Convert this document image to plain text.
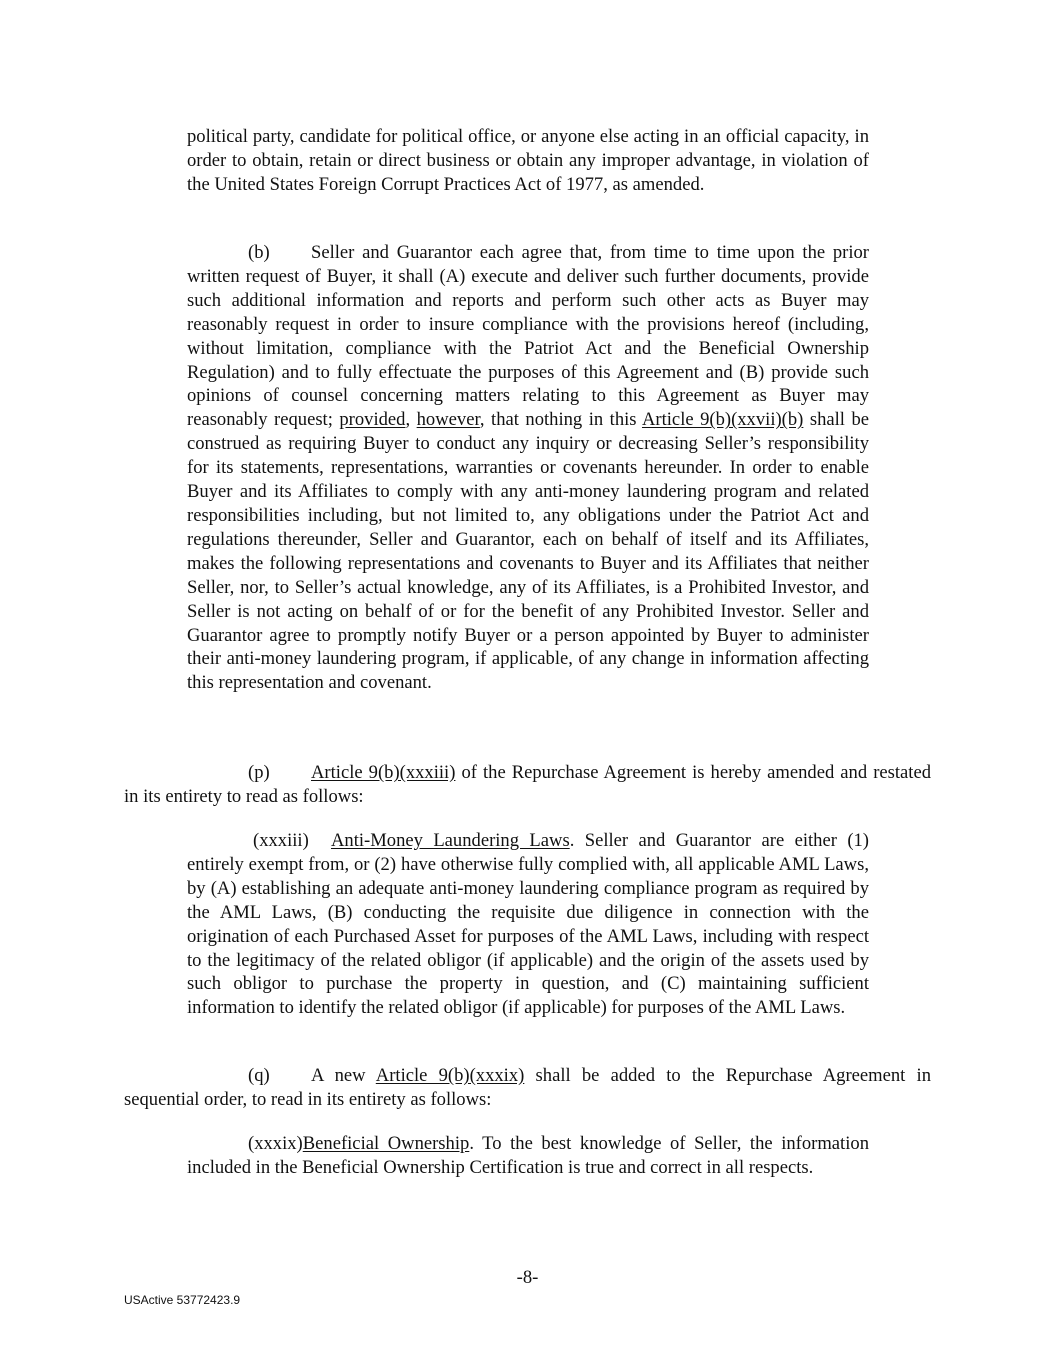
political party, candidate for political office, or anyone else acting in an official capacity, in order to obtain, retain or direct business or obtain any improper advantage, in violation of the United States Foreign Corrupt Practices Act of 1977, as amended.

(b) Seller and Guarantor each agree that, from time to time upon the prior written request of Buyer, it shall (A) execute and deliver such further documents, provide such additional information and reports and perform such other acts as Buyer may reasonably request in order to insure compliance with the provisions hereof (including, without limitation, compliance with the Patriot Act and the Beneficial Ownership Regulation) and to fully effectuate the purposes of this Agreement and (B) provide such opinions of counsel concerning matters relating to this Agreement as Buyer may reasonably request; provided, however, that nothing in this Article 9(b)(xxvii)(b) shall be construed as requiring Buyer to conduct any inquiry or decreasing Seller’s responsibility for its statements, representations, warranties or covenants hereunder. In order to enable Buyer and its Affiliates to comply with any anti-money laundering program and related responsibilities including, but not limited to, any obligations under the Patriot Act and regulations thereunder, Seller and Guarantor, each on behalf of itself and its Affiliates, makes the following representations and covenants to Buyer and its Affiliates that neither Seller, nor, to Seller’s actual knowledge, any of its Affiliates, is a Prohibited Investor, and Seller is not acting on behalf of or for the benefit of any Prohibited Investor. Seller and Guarantor agree to promptly notify Buyer or a person appointed by Buyer to administer their anti-money laundering program, if applicable, of any change in information affecting this representation and covenant.

(p) Article 9(b)(xxxiii) of the Repurchase Agreement is hereby amended and restated in its entirety to read as follows:

(xxxiii) Anti-Money Laundering Laws. Seller and Guarantor are either (1) entirely exempt from, or (2) have otherwise fully complied with, all applicable AML Laws, by (A) establishing an adequate anti-money laundering compliance program as required by the AML Laws, (B) conducting the requisite due diligence in connection with the origination of each Purchased Asset for purposes of the AML Laws, including with respect to the legitimacy of the related obligor (if applicable) and the origin of the assets used by such obligor to purchase the property in question, and (C) maintaining sufficient information to identify the related obligor (if applicable) for purposes of the AML Laws.

(q) A new Article 9(b)(xxxix) shall be added to the Repurchase Agreement in sequential order, to read in its entirety as follows:

(xxxix)Beneficial Ownership. To the best knowledge of Seller, the information included in the Beneficial Ownership Certification is true and correct in all respects.

-8-
USActive 53772423.9
